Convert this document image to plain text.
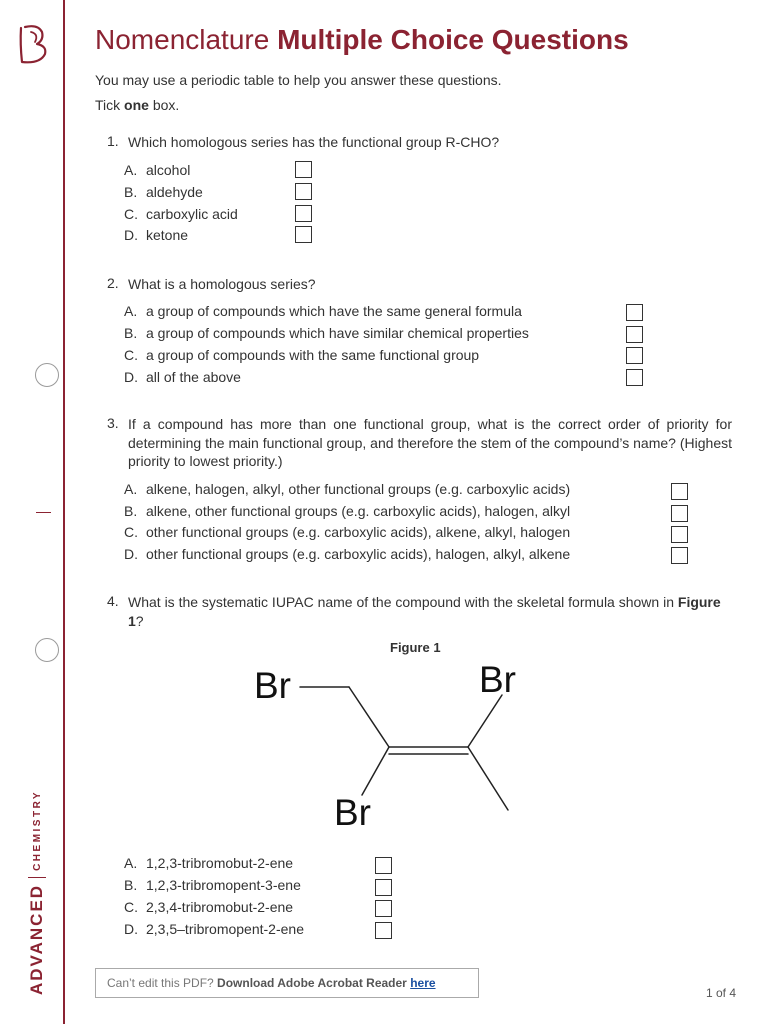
ADVANCED
CHEMISTRY
Nomenclature Multiple Choice Questions
You may use a periodic table to help you answer these questions.
Tick one box.
1. Which homologous series has the functional group R-CHO?
A. alcohol
B. aldehyde
C. carboxylic acid
D. ketone
2. What is a homologous series?
A. a group of compounds which have the same general formula
B. a group of compounds which have similar chemical properties
C. a group of compounds with the same functional group
D. all of the above
3. If a compound has more than one functional group, what is the correct order of priority for determining the main functional group, and therefore the stem of the compound’s name? (Highest priority to lowest priority.)
A. alkene, halogen, alkyl, other functional groups (e.g. carboxylic acids)
B. alkene, other functional groups (e.g. carboxylic acids), halogen, alkyl
C. other functional groups (e.g. carboxylic acids), alkene, alkyl, halogen
D. other functional groups (e.g. carboxylic acids), halogen, alkyl, alkene
4. What is the systematic IUPAC name of the compound with the skeletal formula shown in Figure 1?
Figure 1
Br	Br
Br
A. 1,2,3-tribromobut-2-ene
B. 1,2,3-tribromopent-3-ene
C. 2,3,4-tribromobut-2-ene
D. 2,3,5–tribromopent-2-ene
Can’t edit this PDF? Download Adobe Acrobat Reader here
1 of 4
